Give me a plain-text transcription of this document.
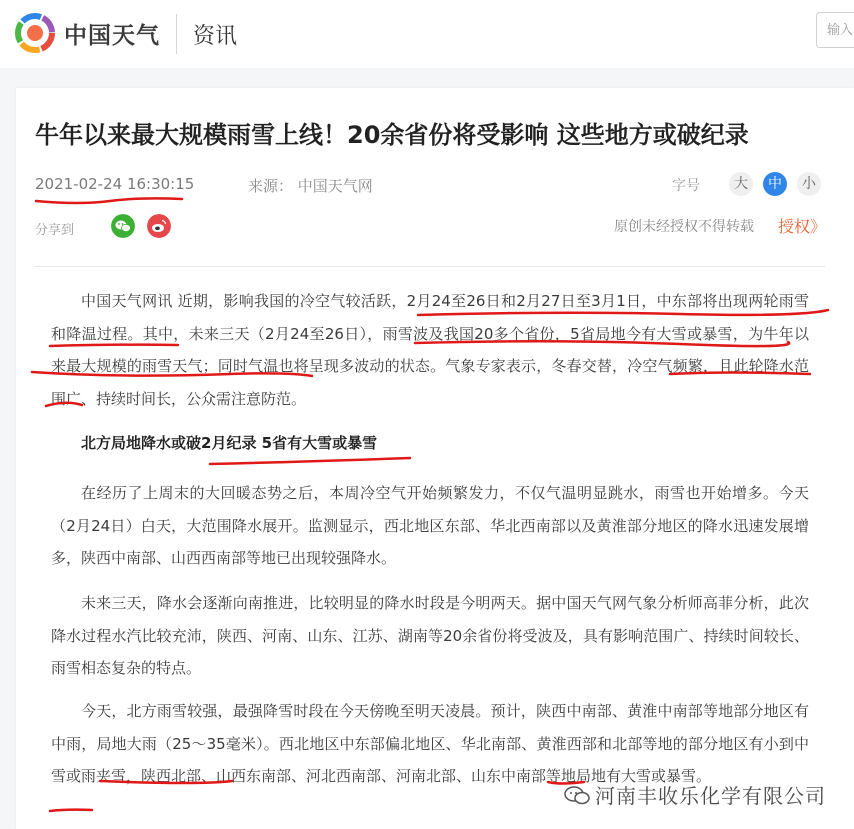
中国天气 资讯
输入
牛年以来最大规模雨雪上线！20余省份将受影响 这些地方或破纪录
2021-02-24 16:30:15	来源： 中国天气网	字号	大	中	小
分享到	原创未经授权不得转载 授权》
中国天气网讯 近期，影响我国的冷空气较活跃，2月24至26日和2月27日至3月1日，中东部将出现两轮雨雪和降温过程。其中，未来三天（2月24至26日），雨雪波及我国20多个省份，5省局地今有大雪或暴雪，为牛年以来最大规模的雨雪天气；同时气温也将呈现多波动的状态。气象专家表示，冬春交替，冷空气频繁，且此轮降水范围广、持续时间长，公众需注意防范。
北方局地降水或破2月纪录 5省有大雪或暴雪
在经历了上周末的大回暖态势之后，本周冷空气开始频繁发力，不仅气温明显跳水，雨雪也开始增多。今天（2月24日）白天，大范围降水展开。监测显示，西北地区东部、华北西南部以及黄淮部分地区的降水迅速发展增多，陕西中南部、山西西南部等地已出现较强降水。
未来三天，降水会逐渐向南推进，比较明显的降水时段是今明两天。据中国天气网气象分析师高菲分析，此次降水过程水汽比较充沛，陕西、河南、山东、江苏、湖南等20余省份将受波及，具有影响范围广、持续时间较长、雨雪相态复杂的特点。
今天，北方雨雪较强，最强降雪时段在今天傍晚至明天凌晨。预计，陕西中南部、黄淮中南部等地部分地区有中雨，局地大雨（25～35毫米）。西北地区中东部偏北地区、华北南部、黄淮西部和北部等地的部分地区有小到中雪或雨夹雪，陕西北部、山西东南部、河北西南部、河南北部、山东中南部等地局地有大雪或暴雪。
河南丰收乐化学有限公司
